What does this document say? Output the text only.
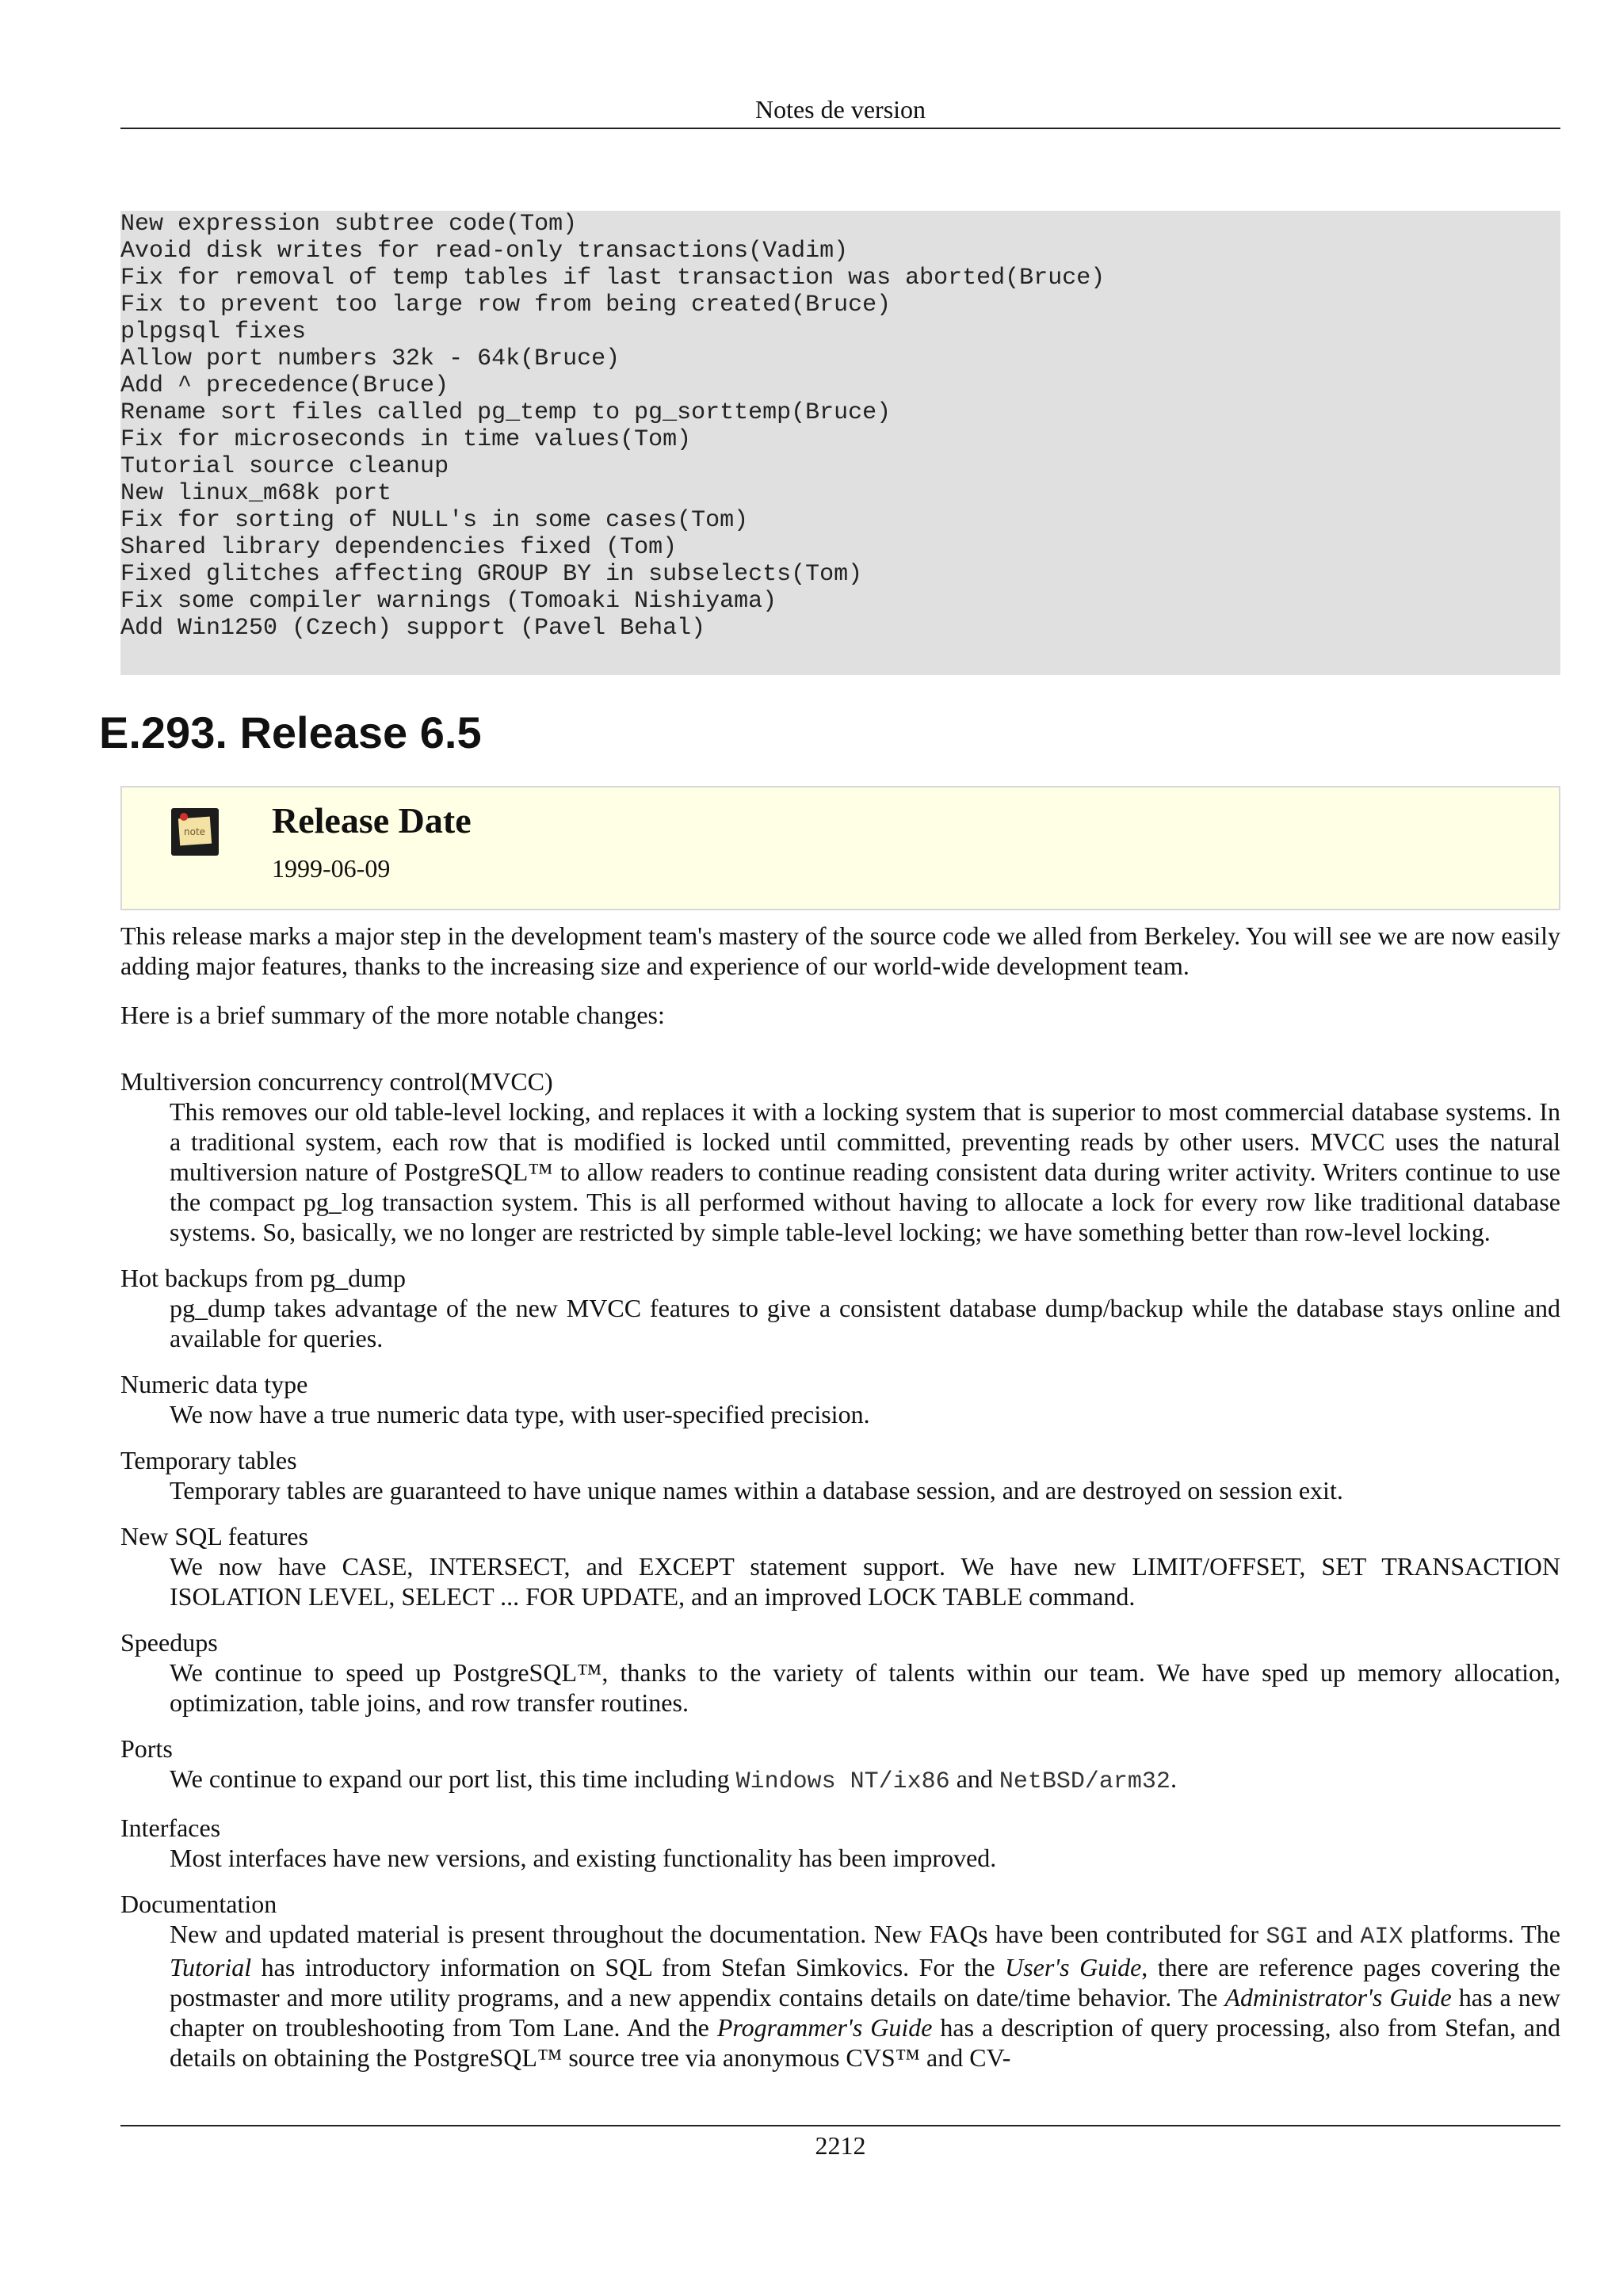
Notes de version
New expression subtree code(Tom)
Avoid disk writes for read-only transactions(Vadim)
Fix for removal of temp tables if last transaction was aborted(Bruce)
Fix to prevent too large row from being created(Bruce)
plpgsql fixes
Allow port numbers 32k - 64k(Bruce)
Add ^ precedence(Bruce)
Rename sort files called pg_temp to pg_sorttemp(Bruce)
Fix for microseconds in time values(Tom)
Tutorial source cleanup
New linux_m68k port
Fix for sorting of NULL's in some cases(Tom)
Shared library dependencies fixed (Tom)
Fixed glitches affecting GROUP BY in subselects(Tom)
Fix some compiler warnings (Tomoaki Nishiyama)
Add Win1250 (Czech) support (Pavel Behal)
E.293. Release 6.5
note Release Date
1999-06-09

This release marks a major step in the development team's mastery of the source code we alled from Berkeley. You will see we are now easily adding major features, thanks to the increasing size and experience of our world-wide development team.

Here is a brief summary of the more notable changes:

Multiversion concurrency control(MVCC)
This removes our old table-level locking, and replaces it with a locking system that is superior to most commercial database systems. In a traditional system, each row that is modified is locked until committed, preventing reads by other users. MVCC uses the natural multiversion nature of PostgreSQL™ to allow readers to continue reading consistent data during writer activity. Writers continue to use the compact pg_log transaction system. This is all performed without having to allocate a lock for every row like traditional database systems. So, basically, we no longer are restricted by simple table-level locking; we have something better than row-level locking.
Hot backups from pg_dump
pg_dump takes advantage of the new MVCC features to give a consistent database dump/backup while the database stays online and available for queries.
Numeric data type
We now have a true numeric data type, with user-specified precision.
Temporary tables
Temporary tables are guaranteed to have unique names within a database session, and are destroyed on session exit.
New SQL features
We now have CASE, INTERSECT, and EXCEPT statement support. We have new LIMIT/OFFSET, SET TRANSACTION ISOLATION LEVEL, SELECT ... FOR UPDATE, and an improved LOCK TABLE command.
Speedups
We continue to speed up PostgreSQL™, thanks to the variety of talents within our team. We have sped up memory allocation, optimization, table joins, and row transfer routines.
Ports
We continue to expand our port list, this time including Windows NT/ix86 and NetBSD/arm32.
Interfaces
Most interfaces have new versions, and existing functionality has been improved.
Documentation
New and updated material is present throughout the documentation. New FAQs have been contributed for SGI and AIX platforms. The Tutorial has introductory information on SQL from Stefan Simkovics. For the User's Guide, there are reference pages covering the postmaster and more utility programs, and a new appendix contains details on date/time behavior. The Administrator's Guide has a new chapter on troubleshooting from Tom Lane. And the Programmer's Guide has a description of query processing, also from Stefan, and details on obtaining the PostgreSQL™ source tree via anonymous CVS™ and CV-
2212
